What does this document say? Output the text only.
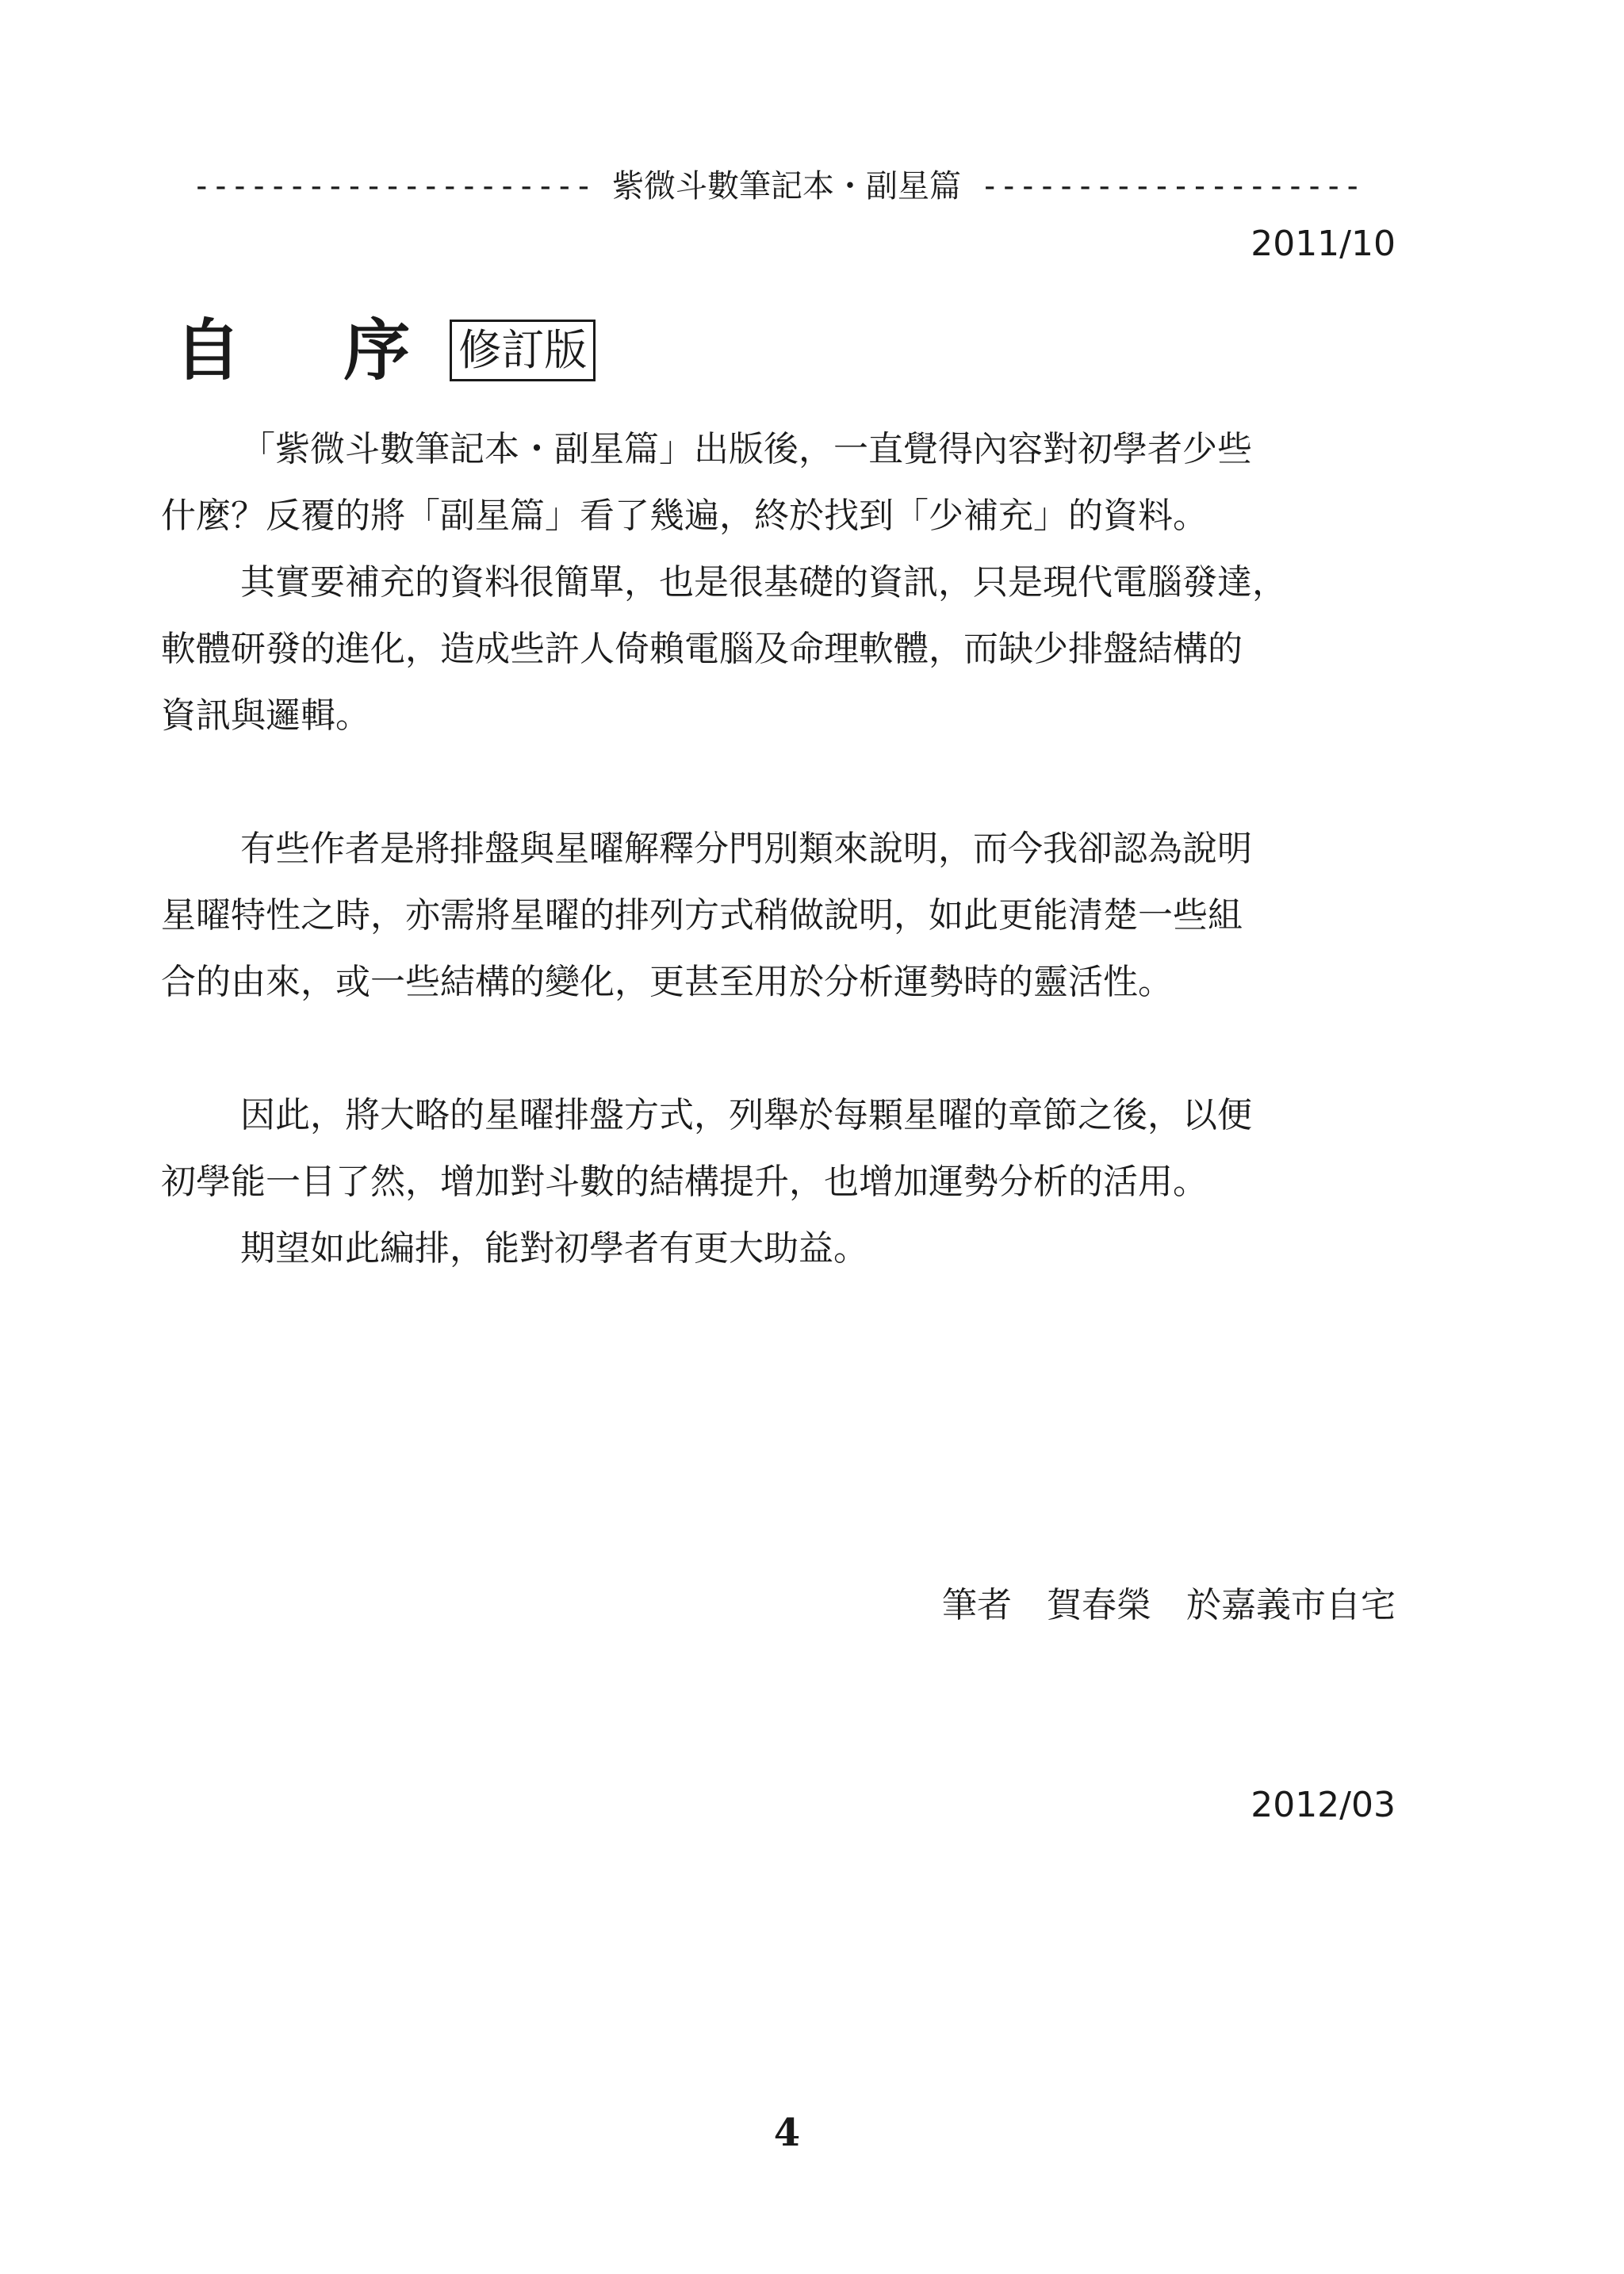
--------------------- 紫微斗數筆記本・副星篇 --------------------
2011/10
自 序 修訂版
「紫微斗數筆記本・副星篇」出版後，一直覺得內容對初學者少些
什麼？反覆的將「副星篇」看了幾遍，終於找到「少補充」的資料。
其實要補充的資料很簡單，也是很基礎的資訊，只是現代電腦發達，
軟體研發的進化，造成些許人倚賴電腦及命理軟體，而缺少排盤結構的
資訊與邏輯。
有些作者是將排盤與星曜解釋分門別類來說明，而今我卻認為說明
星曜特性之時，亦需將星曜的排列方式稍做說明，如此更能清楚一些組
合的由來，或一些結構的變化，更甚至用於分析運勢時的靈活性。
因此，將大略的星曜排盤方式，列舉於每顆星曜的章節之後，以便
初學能一目了然，增加對斗數的結構提升，也增加運勢分析的活用。
期望如此編排，能對初學者有更大助益。

筆者　賀春榮　於嘉義市自宅

2012/03

4
